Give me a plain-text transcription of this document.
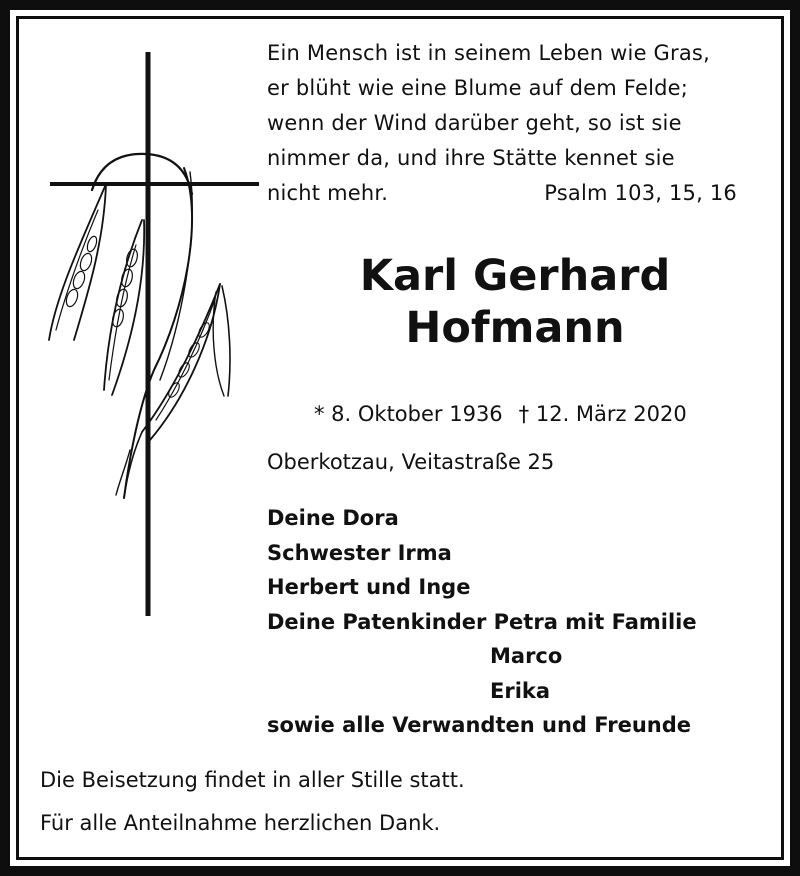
Ein Mensch ist in seinem Leben wie Gras,
er blüht wie eine Blume auf dem Felde;
wenn der Wind darüber geht, so ist sie
nimmer da, und ihre Stätte kennet sie
nicht mehr.	Psalm 103, 15, 16
Karl Gerhard
Hofmann
* 8. Oktober 1936 † 12. März 2020
Oberkotzau, Veitastraße 25
Deine Dora
Schwester Irma
Herbert und Inge
Deine Patenkinder Petra mit Familie
Marco
Erika
sowie alle Verwandten und Freunde
Die Beisetzung findet in aller Stille statt.
Für alle Anteilnahme herzlichen Dank.
